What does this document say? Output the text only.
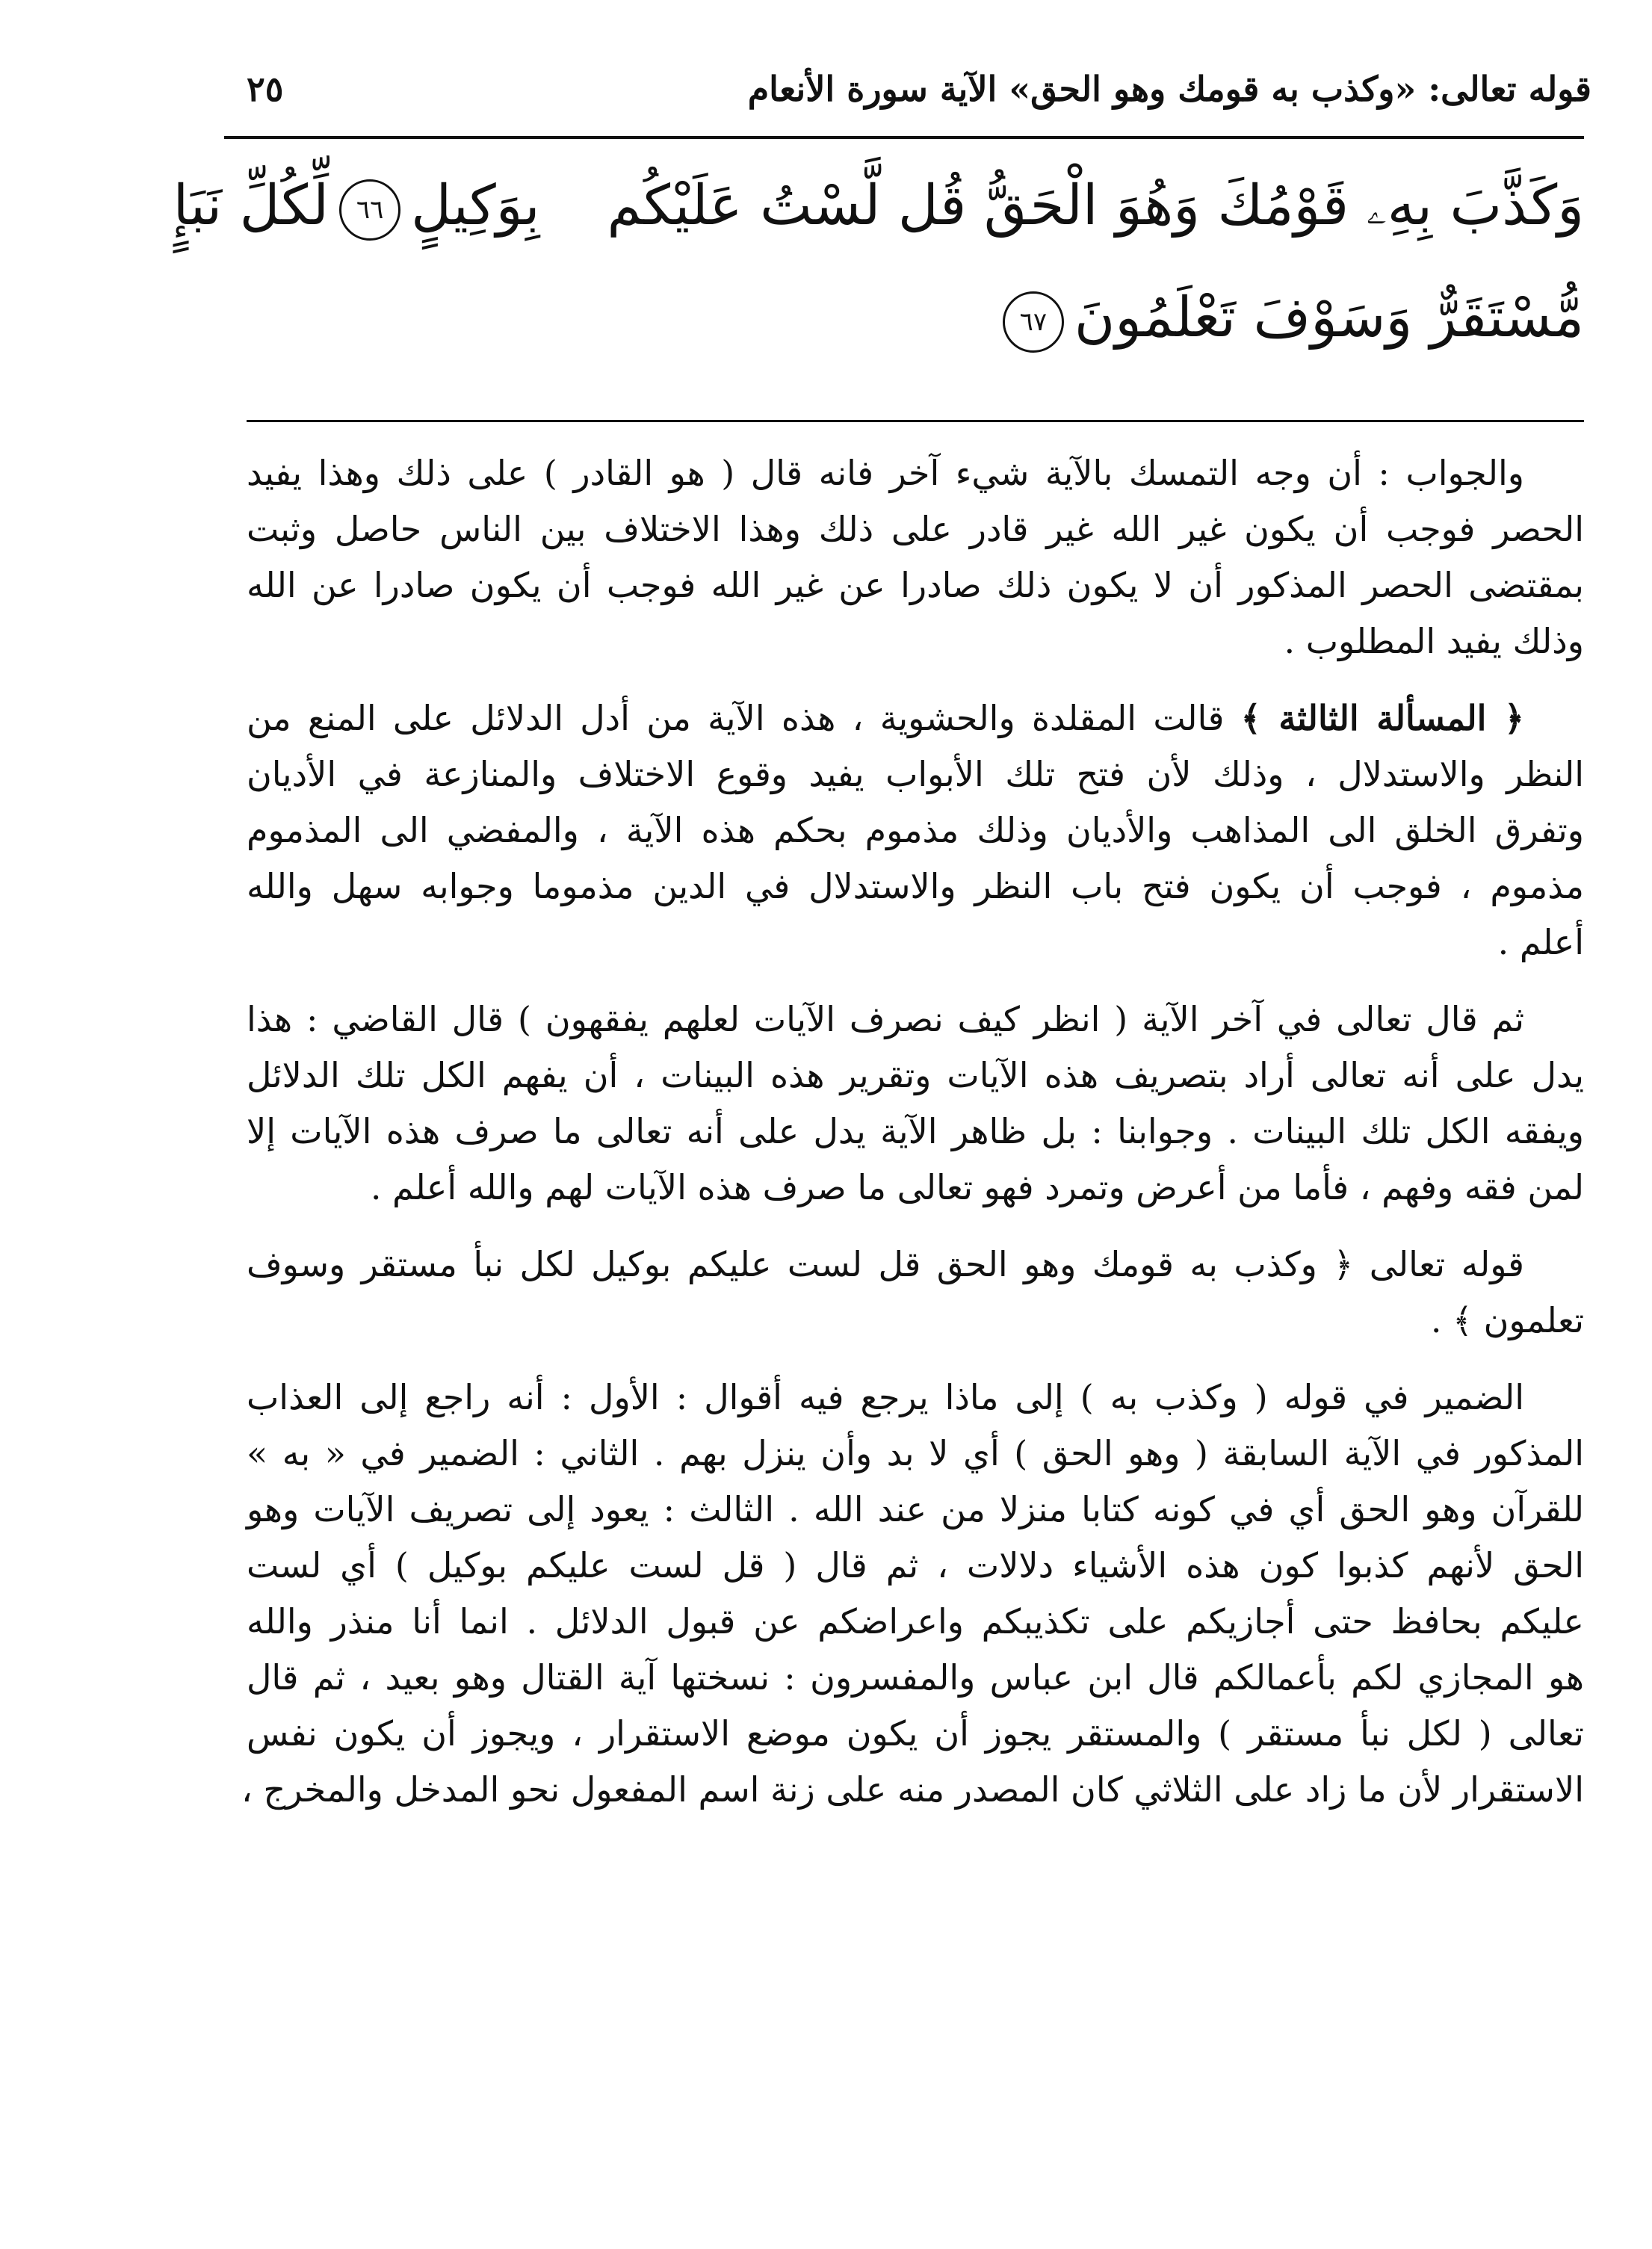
قوله تعالى: «وكذب به قومك وهو الحق» الآية سورة الأنعام
٢٥
وَكَذَّبَ بِهِۦ قَوْمُكَ وَهُوَ الْحَقُّ قُل لَّسْتُ عَلَيْكُمبِوَكِيلٍ٦٦لِّكُلِّ نَبَإٍ
مُّسْتَقَرٌّ وَسَوْفَ تَعْلَمُونَ٦٧
والجواب : أن وجه التمسك بالآية شيء آخر فانه قال ( هو القادر ) على ذلك وهذا يفيد
الحصر فوجب أن يكون غير الله غير قادر على ذلك وهذا الاختلاف بين الناس حاصل وثبت
بمقتضى الحصر المذكور أن لا يكون ذلك صادرا عن غير الله فوجب أن يكون صادرا عن الله
وذلك يفيد المطلوب .
﴿ المسألة الثالثة ﴾ قالت المقلدة والحشوية ، هذه الآية من أدل الدلائل على المنع من
النظر والاستدلال ، وذلك لأن فتح تلك الأبواب يفيد وقوع الاختلاف والمنازعة في الأديان
وتفرق الخلق الى المذاهب والأديان وذلك مذموم بحكم هذه الآية ، والمفضي الى المذموم
مذموم ، فوجب أن يكون فتح باب النظر والاستدلال في الدين مذموما وجوابه سهل والله
أعلم .
ثم قال تعالى في آخر الآية ( انظر كيف نصرف الآيات لعلهم يفقهون ) قال القاضي : هذا
يدل على أنه تعالى أراد بتصريف هذه الآيات وتقرير هذه البينات ، أن يفهم الكل تلك الدلائل
ويفقه الكل تلك البينات . وجوابنا : بل ظاهر الآية يدل على أنه تعالى ما صرف هذه الآيات إلا
لمن فقه وفهم ، فأما من أعرض وتمرد فهو تعالى ما صرف هذه الآيات لهم والله أعلم .
قوله تعالى ﴿ وكذب به قومك وهو الحق قل لست عليكم بوكيل لكل نبأ مستقر وسوف
تعلمون ﴾ .
الضمير في قوله ( وكذب به ) إلى ماذا يرجع فيه أقوال : الأول : أنه راجع إلى العذاب
المذكور في الآية السابقة ( وهو الحق ) أي لا بد وأن ينزل بهم . الثاني : الضمير في « به »
للقرآن وهو الحق أي في كونه كتابا منزلا من عند الله . الثالث : يعود إلى تصريف الآيات وهو
الحق لأنهم كذبوا كون هذه الأشياء دلالات ، ثم قال ( قل لست عليكم بوكيل ) أي لست
عليكم بحافظ حتى أجازيكم على تكذيبكم واعراضكم عن قبول الدلائل . انما أنا منذر والله
هو المجازي لكم بأعمالكم قال ابن عباس والمفسرون : نسختها آية القتال وهو بعيد ، ثم قال
تعالى ( لكل نبأ مستقر ) والمستقر يجوز أن يكون موضع الاستقرار ، ويجوز أن يكون نفس
الاستقرار لأن ما زاد على الثلاثي كان المصدر منه على زنة اسم المفعول نحو المدخل والمخرج ،
